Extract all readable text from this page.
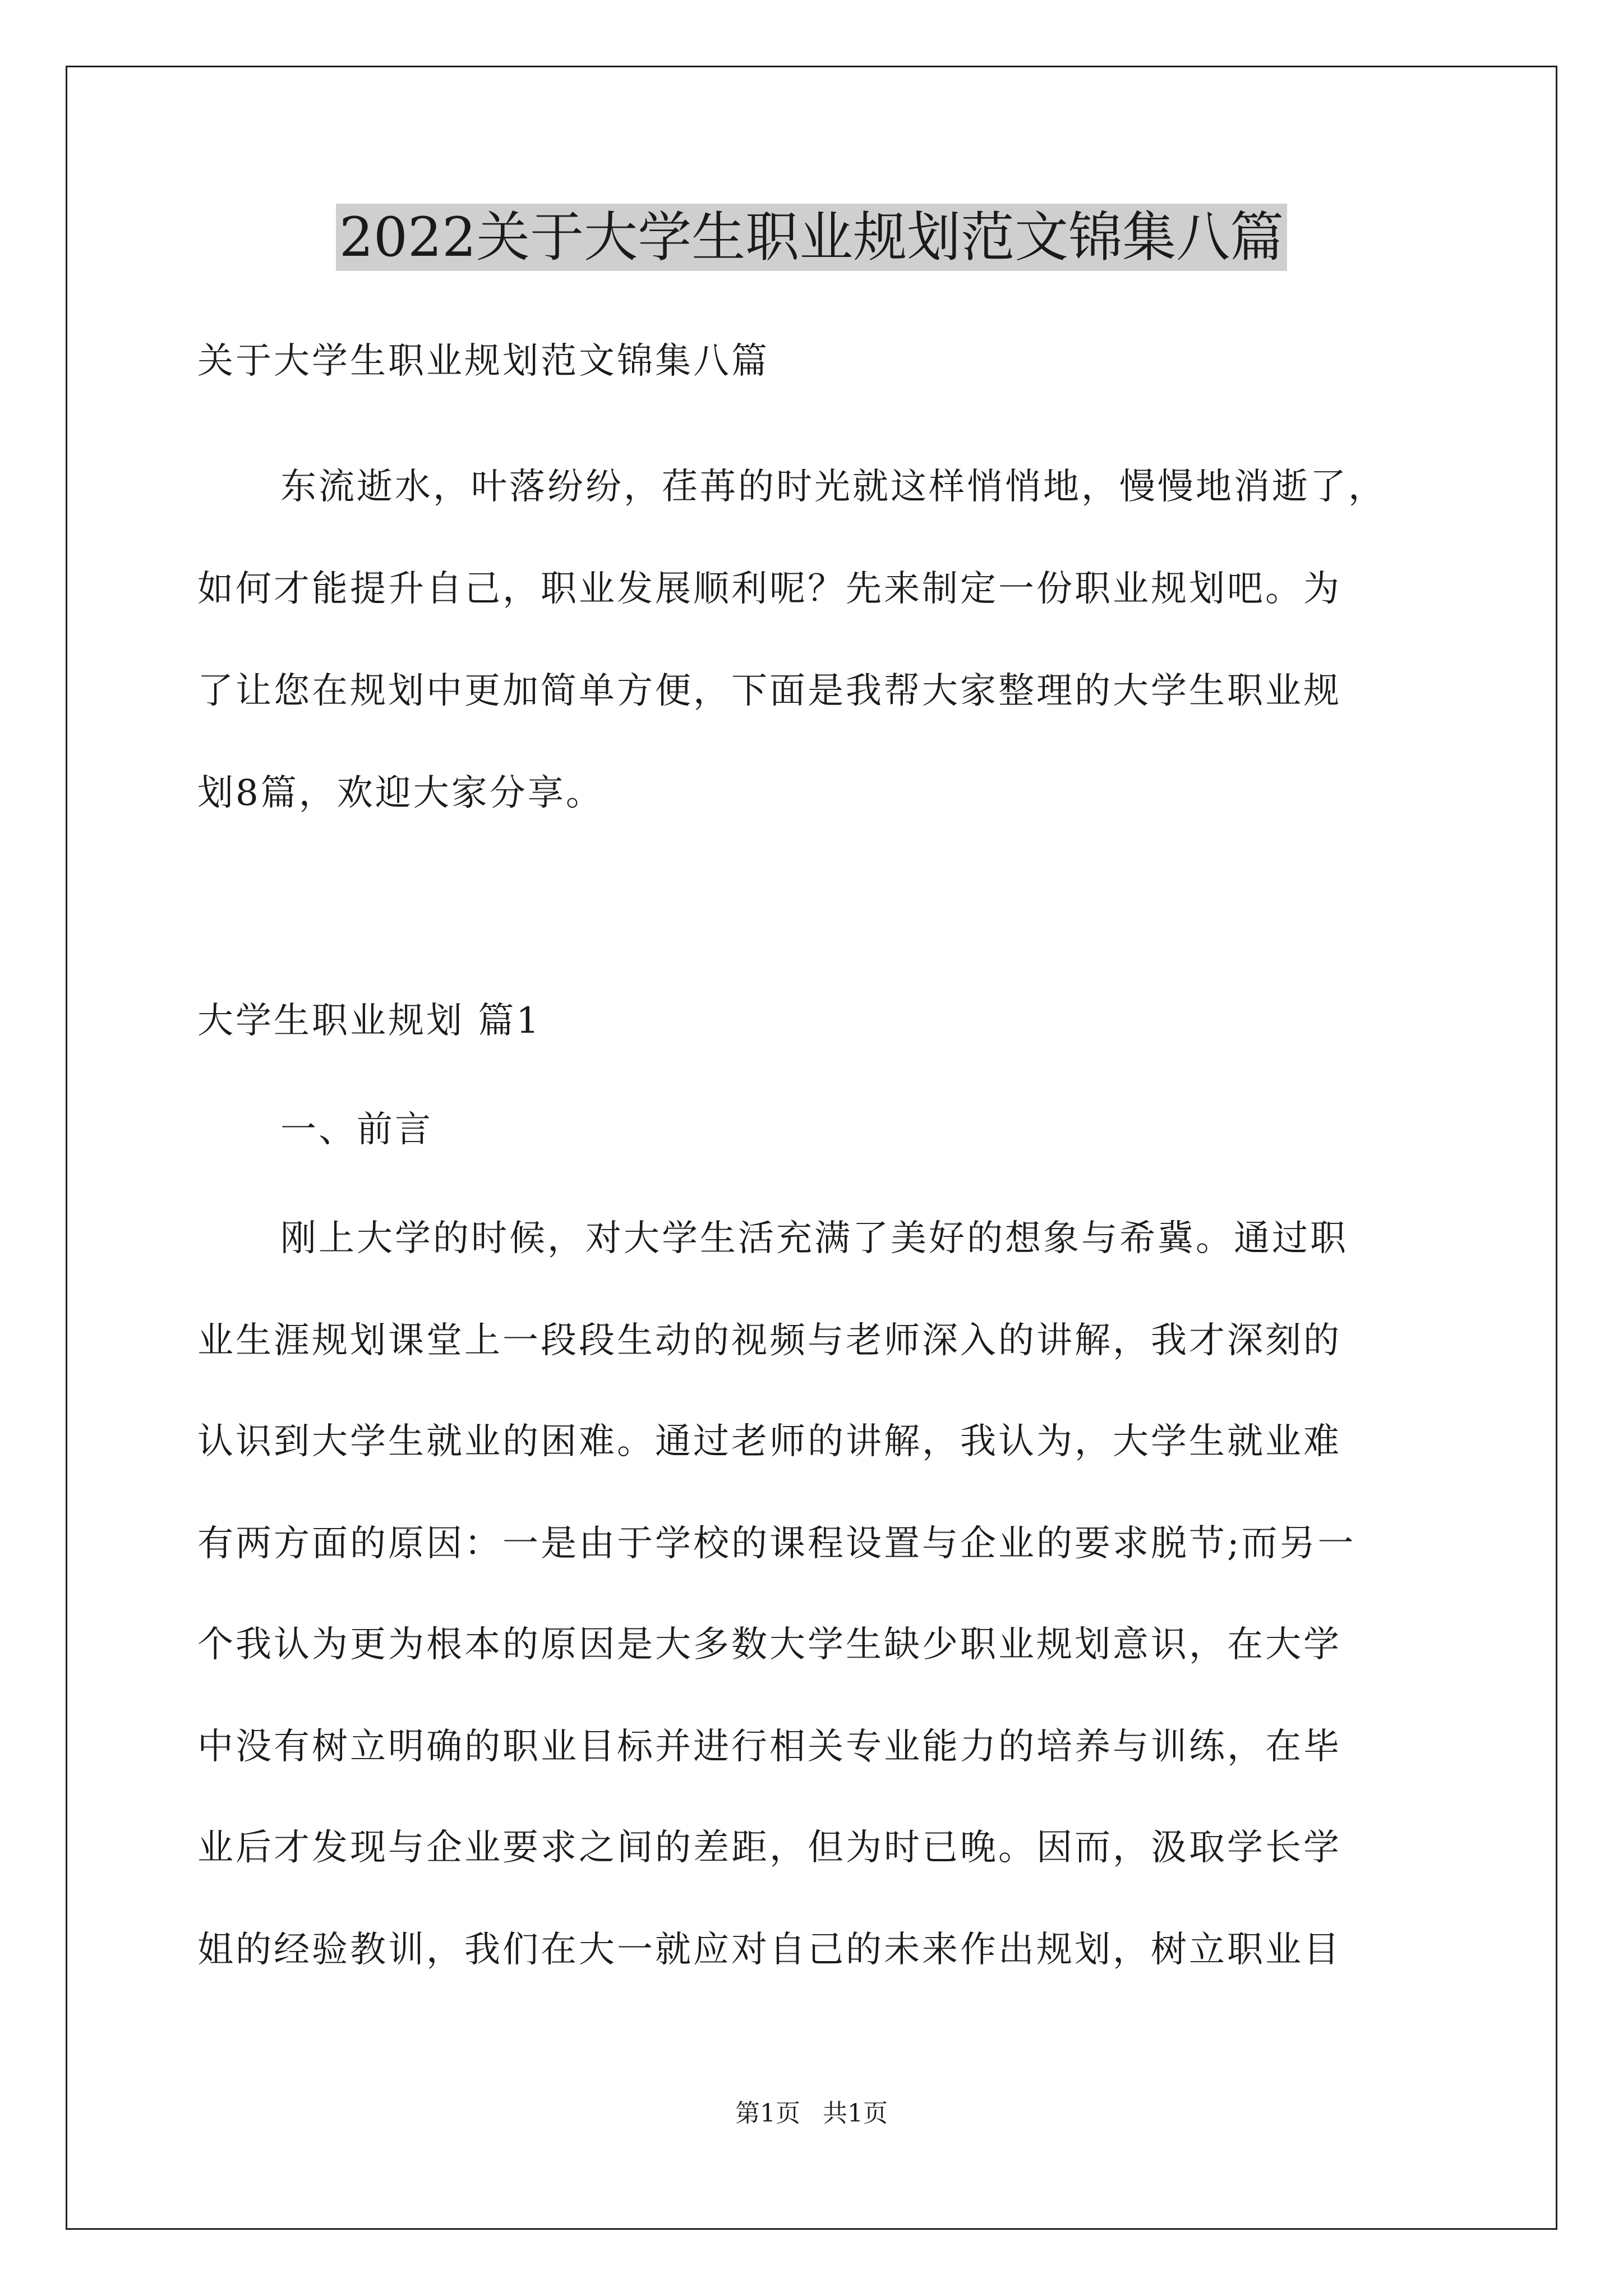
2022关于大学生职业规划范文锦集八篇
关于大学生职业规划范文锦集八篇
东流逝水，叶落纷纷，荏苒的时光就这样悄悄地，慢慢地消逝了，
如何才能提升自己，职业发展顺利呢？先来制定一份职业规划吧。为
了让您在规划中更加简单方便，下面是我帮大家整理的大学生职业规
划8篇，欢迎大家分享。
大学生职业规划 篇1
一、前言
刚上大学的时候，对大学生活充满了美好的想象与希冀。通过职
业生涯规划课堂上一段段生动的视频与老师深入的讲解，我才深刻的
认识到大学生就业的困难。通过老师的讲解，我认为，大学生就业难
有两方面的原因：一是由于学校的课程设置与企业的要求脱节;而另一
个我认为更为根本的原因是大多数大学生缺少职业规划意识，在大学
中没有树立明确的职业目标并进行相关专业能力的培养与训练，在毕
业后才发现与企业要求之间的差距，但为时已晚。因而，汲取学长学
姐的经验教训，我们在大一就应对自己的未来作出规划，树立职业目
第1页 共1页
